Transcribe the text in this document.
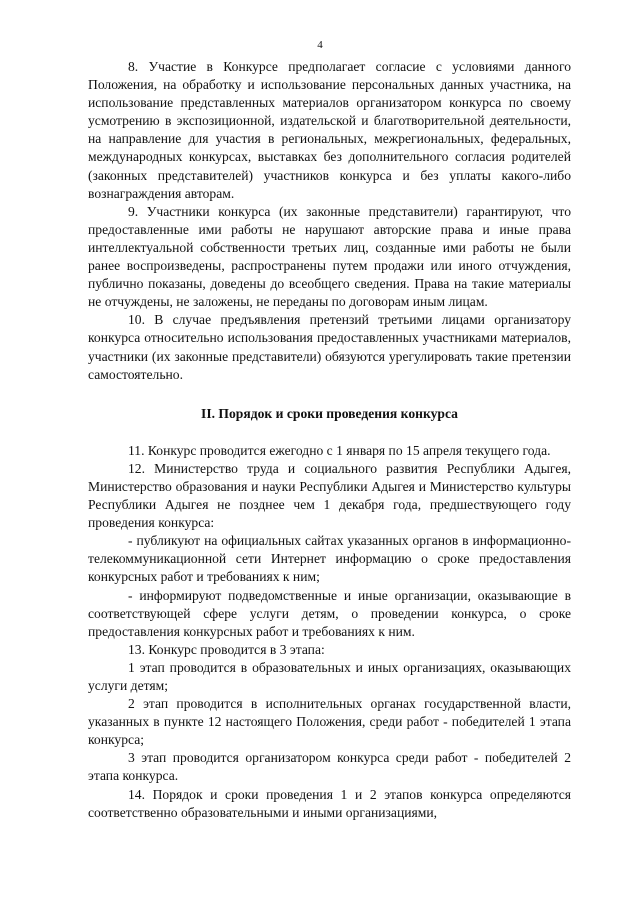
4

8. Участие в Конкурсе предполагает согласие с условиями данного Положения, на обработку и использование персональных данных участника, на использование представленных материалов организатором конкурса по своему усмотрению в экспозиционной, издательской и благотворительной деятельности, на направление для участия в региональных, межрегиональных, федеральных, международных конкурсах, выставках без дополнительного согласия родителей (законных представителей) участников конкурса и без уплаты какого-либо вознаграждения авторам.

9. Участники конкурса (их законные представители) гарантируют, что предоставленные ими работы не нарушают авторские права и иные права интеллектуальной собственности третьих лиц, созданные ими работы не были ранее воспроизведены, распространены путем продажи или иного отчуждения, публично показаны, доведены до всеобщего сведения. Права на такие материалы не отчуждены, не заложены, не переданы по договорам иным лицам.

10. В случае предъявления претензий третьими лицами организатору конкурса относительно использования предоставленных участниками материалов, участники (их законные представители) обязуются урегулировать такие претензии самостоятельно.

II. Порядок и сроки проведения конкурса

11. Конкурс проводится ежегодно с 1 января по 15 апреля текущего года.

12. Министерство труда и социального развития Республики Адыгея, Министерство образования и науки Республики Адыгея и Министерство культуры Республики Адыгея не позднее чем 1 декабря года, предшествующего году проведения конкурса:

- публикуют на официальных сайтах указанных органов в информационно-телекоммуникационной сети Интернет информацию о сроке предоставления конкурсных работ и требованиях к ним;

- информируют подведомственные и иные организации, оказывающие в соответствующей сфере услуги детям, о проведении конкурса, о сроке предоставления конкурсных работ и требованиях к ним.

13. Конкурс проводится в 3 этапа:

1 этап проводится в образовательных и иных организациях, оказывающих услуги детям;

2 этап проводится в исполнительных органах государственной власти, указанных в пункте 12 настоящего Положения, среди работ - победителей 1 этапа конкурса;

3 этап проводится организатором конкурса среди работ - победителей 2 этапа конкурса.

14. Порядок и сроки проведения 1 и 2 этапов конкурса определяются соответственно образовательными и иными организациями,
